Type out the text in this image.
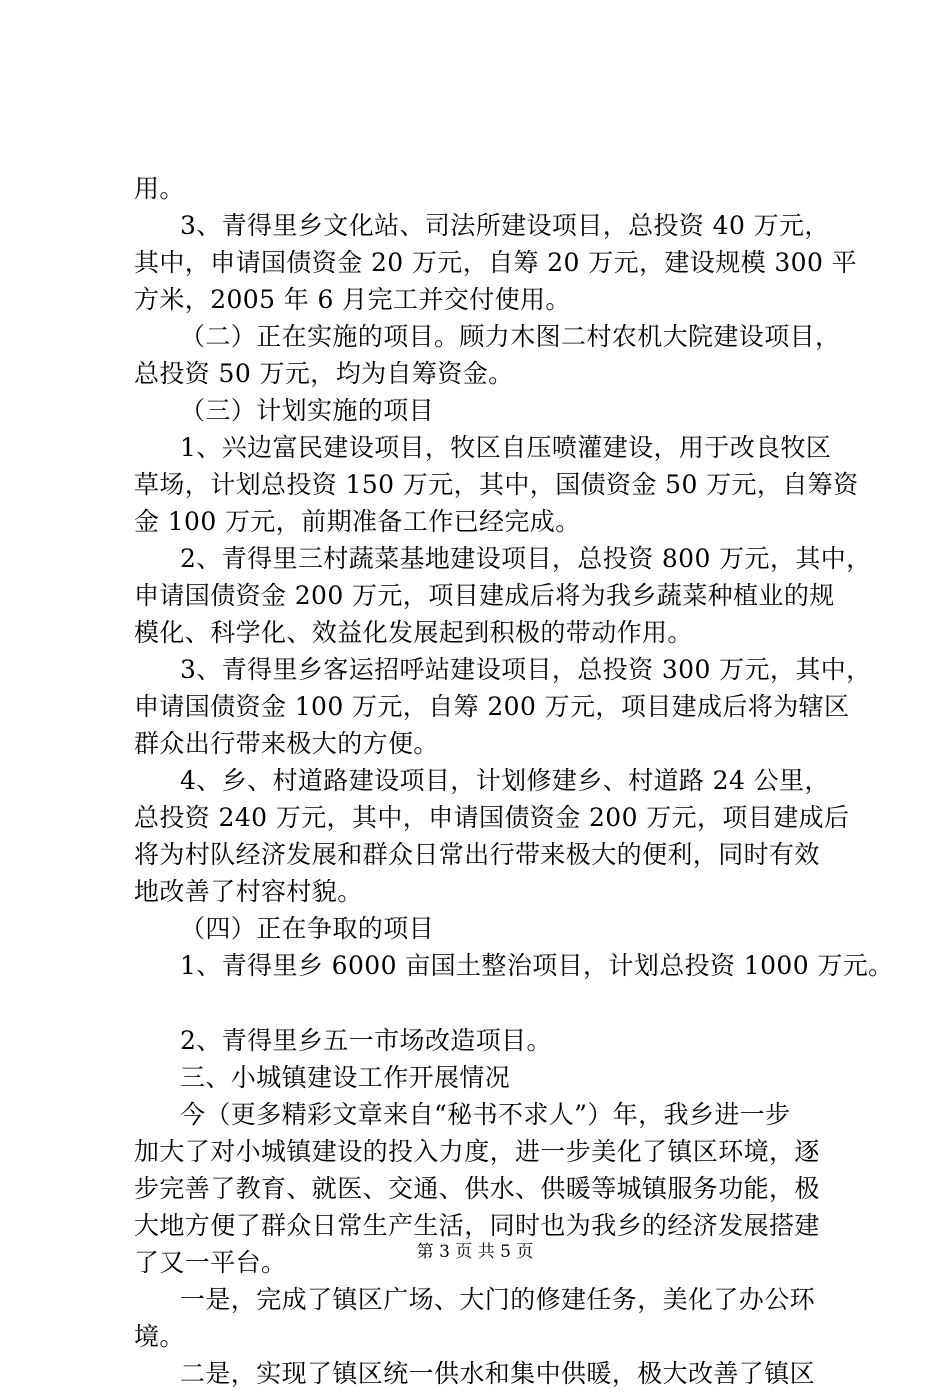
用。
3、青得里乡文化站、司法所建设项目，总投资 40 万元，
其中，申请国债资金 20 万元，自筹 20 万元，建设规模 300 平
方米，2005 年 6 月完工并交付使用。
（二）正在实施的项目。顾力木图二村农机大院建设项目，
总投资 50 万元，均为自筹资金。
（三）计划实施的项目
1、兴边富民建设项目，牧区自压喷灌建设，用于改良牧区
草场，计划总投资 150 万元，其中，国债资金 50 万元，自筹资
金 100 万元，前期准备工作已经完成。
2、青得里三村蔬菜基地建设项目，总投资 800 万元，其中，
申请国债资金 200 万元，项目建成后将为我乡蔬菜种植业的规
模化、科学化、效益化发展起到积极的带动作用。
3、青得里乡客运招呼站建设项目，总投资 300 万元，其中，
申请国债资金 100 万元，自筹 200 万元，项目建成后将为辖区
群众出行带来极大的方便。
4、乡、村道路建设项目，计划修建乡、村道路 24 公里，
总投资 240 万元，其中，申请国债资金 200 万元，项目建成后
将为村队经济发展和群众日常出行带来极大的便利，同时有效
地改善了村容村貌。
（四）正在争取的项目
1、青得里乡 6000 亩国土整治项目，计划总投资 1000 万元。
2、青得里乡五一市场改造项目。
三、小城镇建设工作开展情况
今（更多精彩文章来自“秘书不求人”）年，我乡进一步
加大了对小城镇建设的投入力度，进一步美化了镇区环境，逐
步完善了教育、就医、交通、供水、供暖等城镇服务功能，极
大地方便了群众日常生产生活，同时也为我乡的经济发展搭建
了又一平台。
一是，完成了镇区广场、大门的修建任务，美化了办公环
境。
二是，实现了镇区统一供水和集中供暖，极大改善了镇区
第 3 页 共 5 页
